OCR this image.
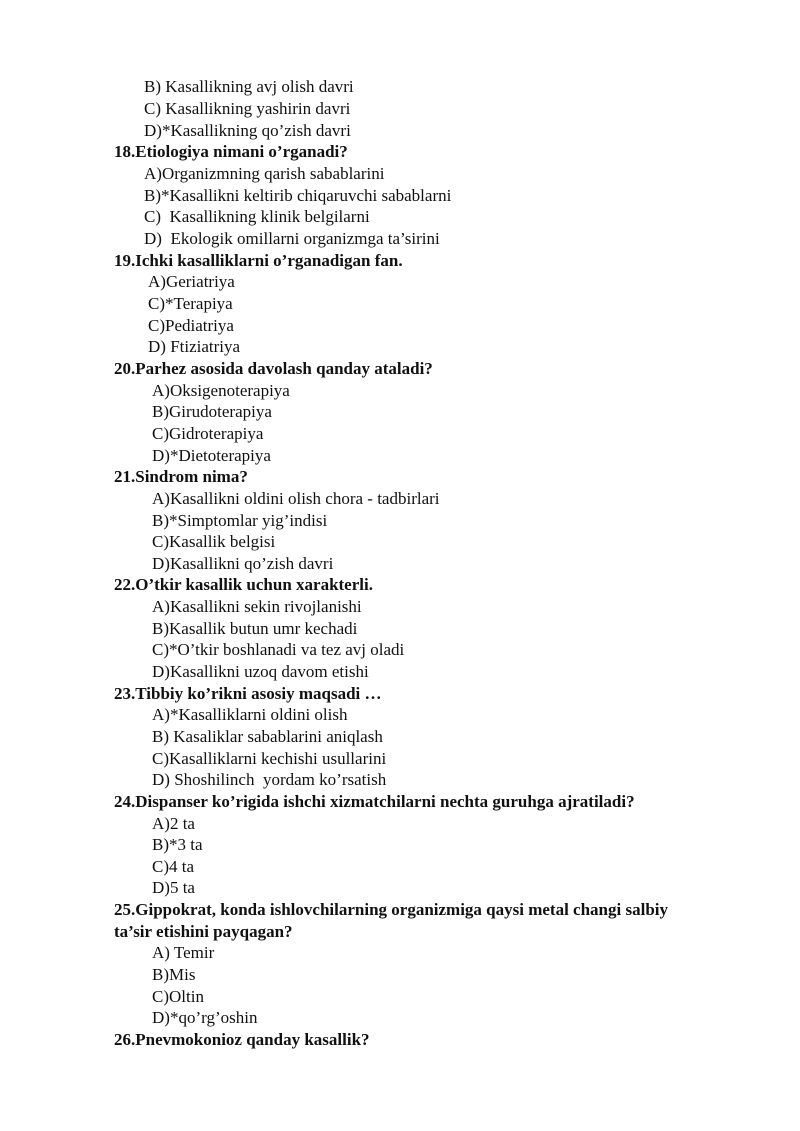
B) Kasallikning avj olish davri
C) Kasallikning yashirin davri
D)*Kasallikning qo’zish davri
18.Etiologiya nimani o’rganadi?
A)Organizmning qarish sabablarini
B)*Kasallikni keltirib chiqaruvchi sabablarni
C)  Kasallikning klinik belgilarni
D)  Ekologik omillarni organizmga ta’sirini
19.Ichki kasalliklarni o’rganadigan fan.
A)Geriatriya
C)*Terapiya
C)Pediatriya
D) Ftiziatriya
20.Parhez asosida davolash qanday ataladi?
A)Oksigenoterapiya
B)Girudoterapiya
C)Gidroterapiya
D)*Dietoterapiya
21.Sindrom nima?
A)Kasallikni oldini olish chora - tadbirlari
B)*Simptomlar yig’indisi
C)Kasallik belgisi
D)Kasallikni qo’zish davri
22.O’tkir kasallik uchun xarakterli.
A)Kasallikni sekin rivojlanishi
B)Kasallik butun umr kechadi
C)*O’tkir boshlanadi va tez avj oladi
D)Kasallikni uzoq davom etishi
23.Tibbiy ko’rikni asosiy maqsadi …
A)*Kasalliklarni oldini olish
B) Kasaliklar sabablarini aniqlash
C)Kasalliklarni kechishi usullarini
D) Shoshilinch  yordam ko’rsatish
24.Dispanser ko’rigida ishchi xizmatchilarni nechta guruhga ajratiladi?
A)2 ta
B)*3 ta
C)4 ta
D)5 ta
25.Gippokrat, konda ishlovchilarning organizmiga qaysi metal changi salbiy
ta’sir etishini payqagan?
A) Temir
B)Mis
C)Oltin
D)*qo’rg’oshin
26.Pnevmokonioz qanday kasallik?
